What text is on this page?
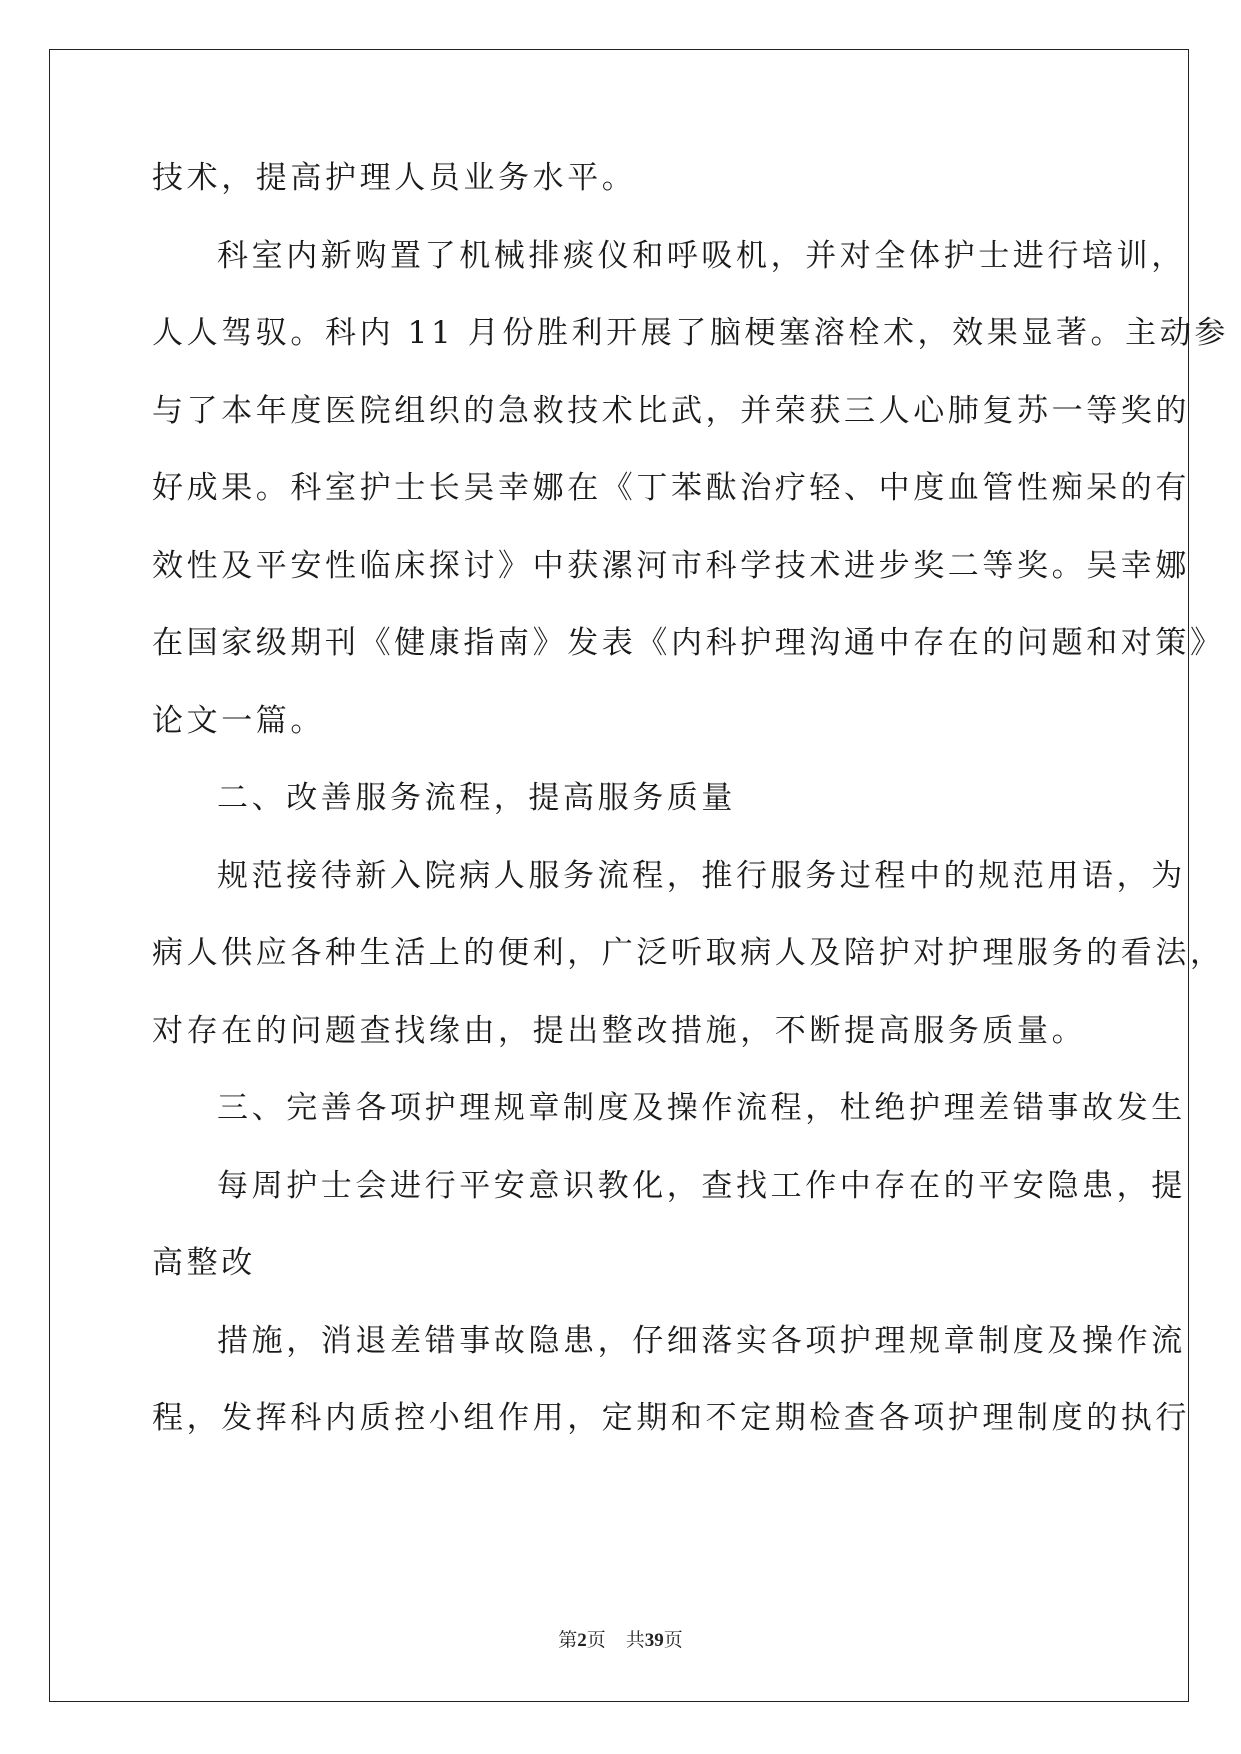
技术，提高护理人员业务水平。
科室内新购置了机械排痰仪和呼吸机，并对全体护士进行培训，
人人驾驭。科内 11 月份胜利开展了脑梗塞溶栓术，效果显著。主动参
与了本年度医院组织的急救技术比武，并荣获三人心肺复苏一等奖的
好成果。科室护士长吴幸娜在《丁苯酞治疗轻、中度血管性痴呆的有
效性及平安性临床探讨》中获漯河市科学技术进步奖二等奖。吴幸娜
在国家级期刊《健康指南》发表《内科护理沟通中存在的问题和对策》
论文一篇。
二、改善服务流程，提高服务质量
规范接待新入院病人服务流程，推行服务过程中的规范用语，为
病人供应各种生活上的便利，广泛听取病人及陪护对护理服务的看法，
对存在的问题查找缘由，提出整改措施，不断提高服务质量。
三、完善各项护理规章制度及操作流程，杜绝护理差错事故发生
每周护士会进行平安意识教化，查找工作中存在的平安隐患，提
高整改
措施，消退差错事故隐患，仔细落实各项护理规章制度及操作流
程，发挥科内质控小组作用，定期和不定期检查各项护理制度的执行
第2页 共39页
